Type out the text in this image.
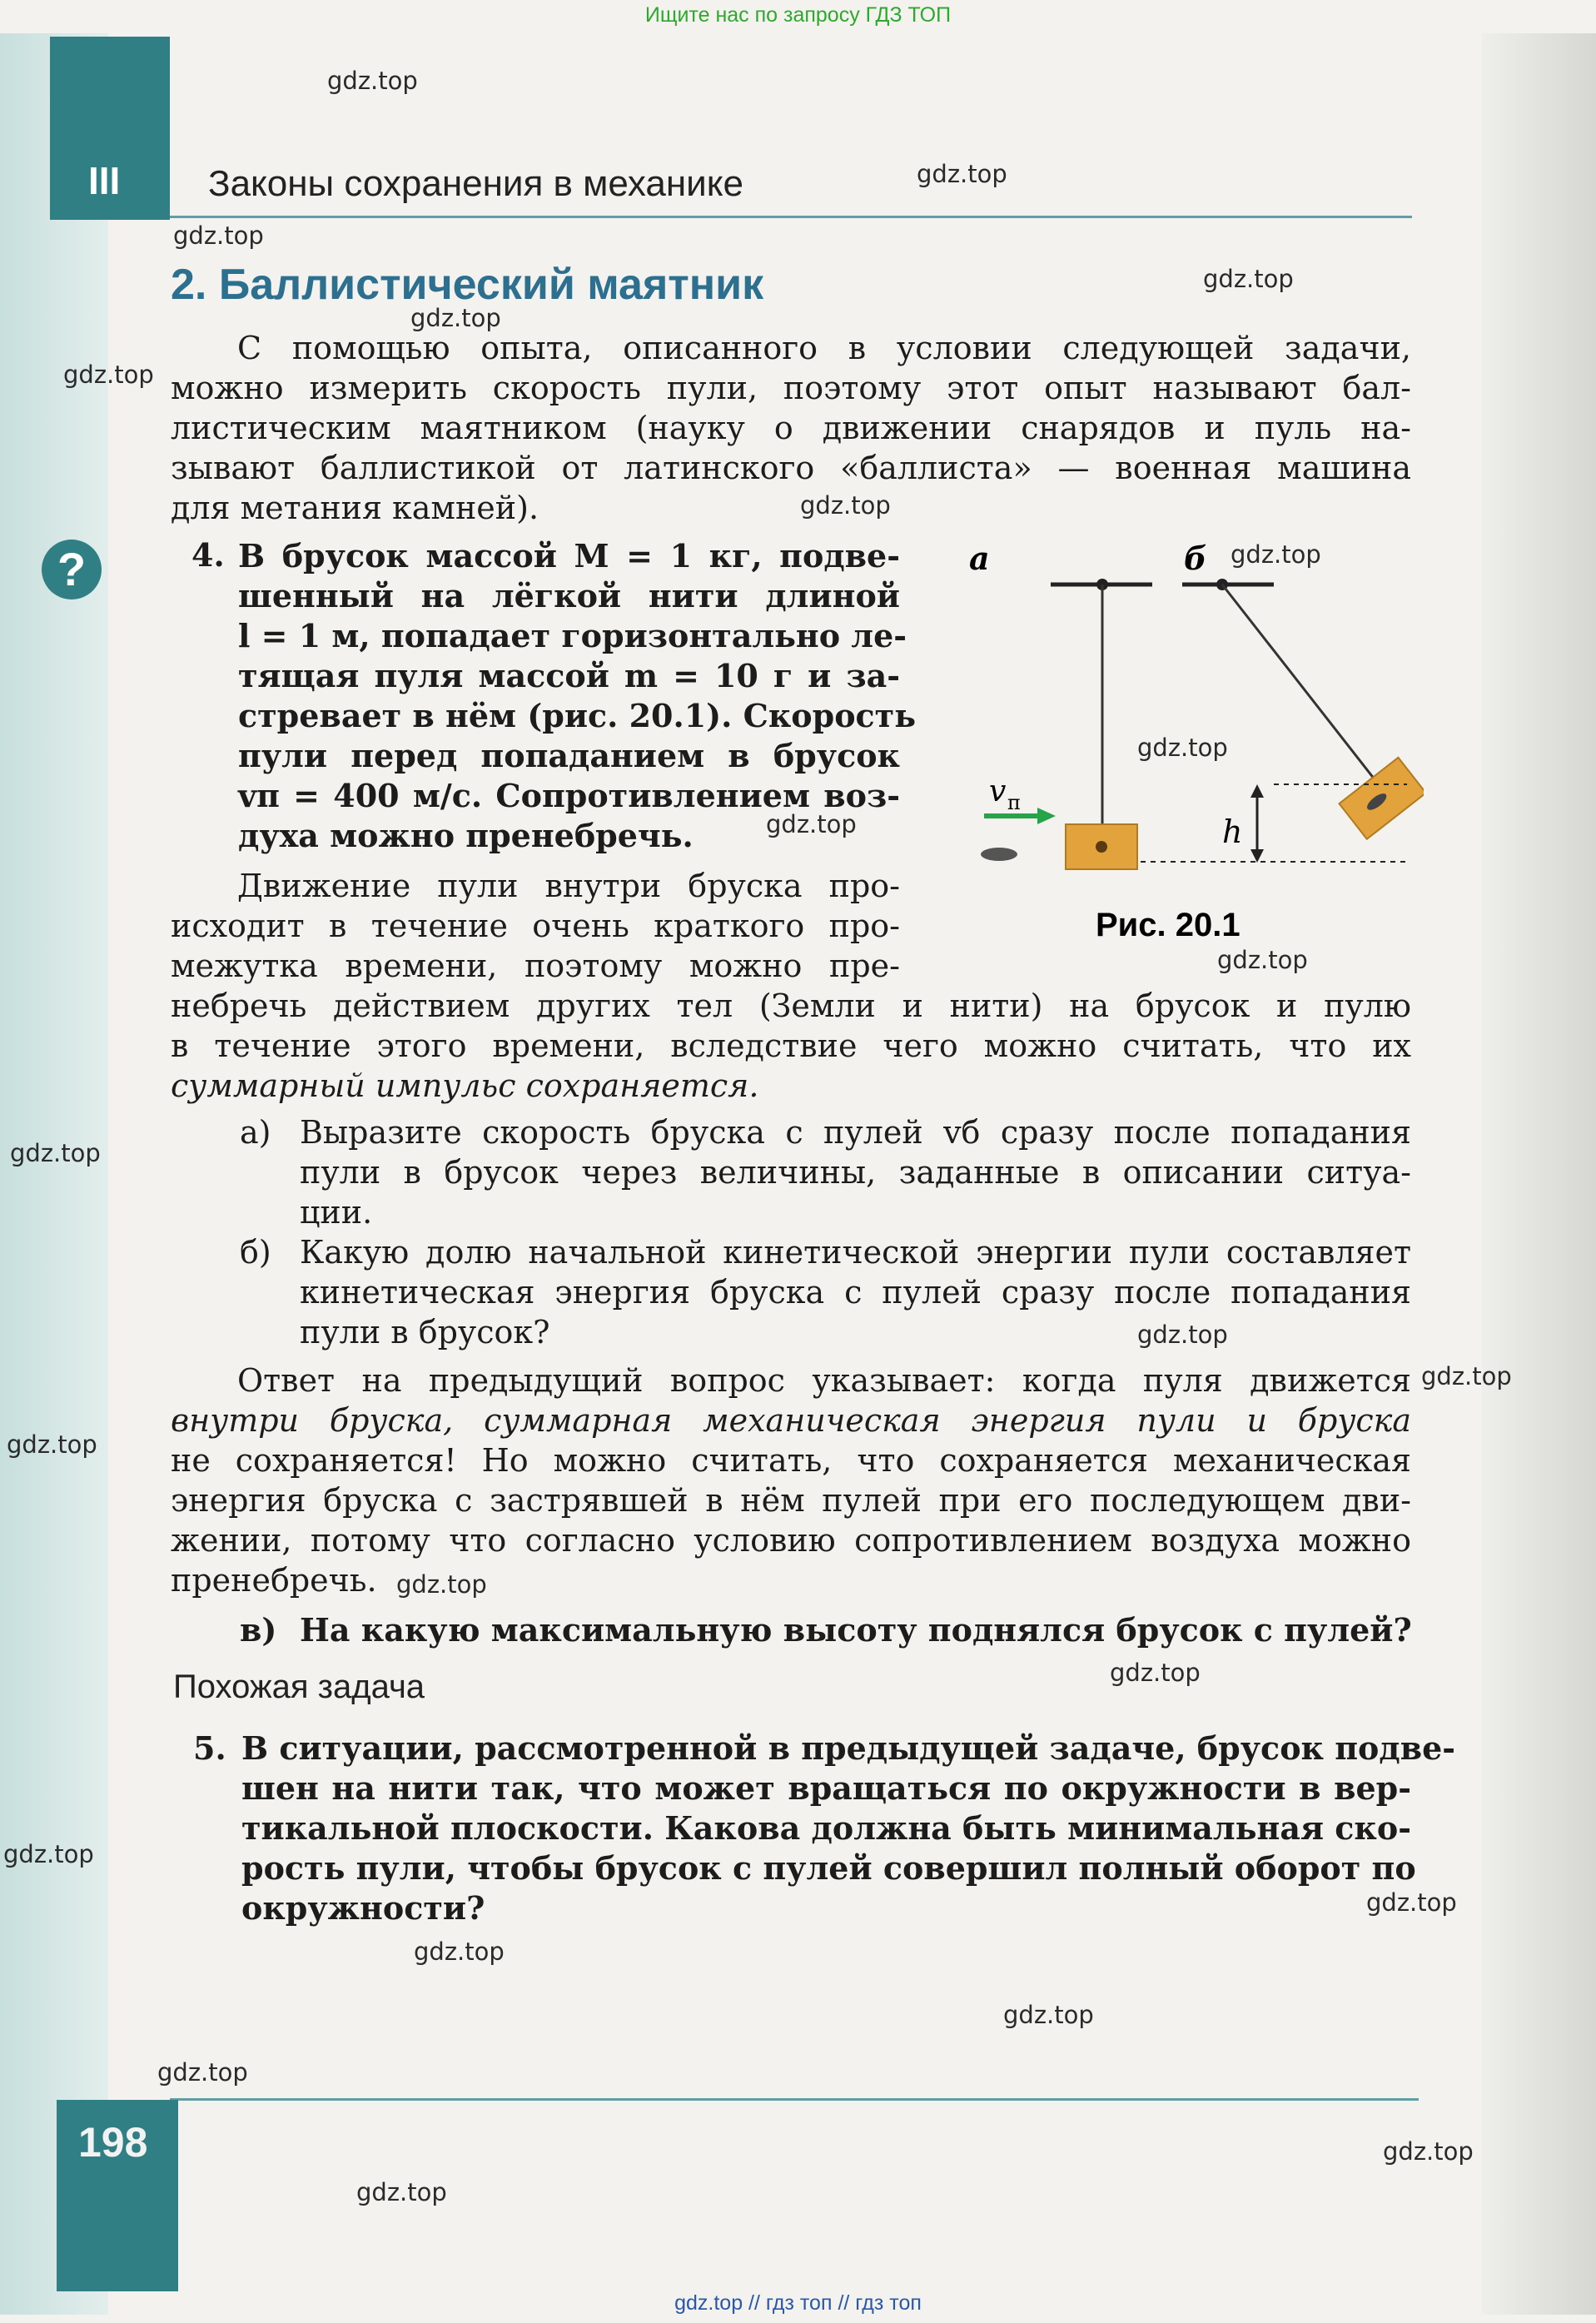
Ищите нас по запросу ГДЗ ТОП
III Законы сохранения в механике
2. Баллистический маятник
С помощью опыта, описанного в условии следующей задачи,
можно измерить скорость пули, поэтому этот опыт называют бал-
листическим маятником (науку о движении снарядов и пуль на-
зывают баллистикой от латинского «баллиста» — военная машина
для метания камней).
?	4. В брусок массой M = 1 кг, подве-
шенный на лёгкой нити длиной
l = 1 м, попадает горизонтально ле-
тящая пуля массой m = 10 г и за-
стревает в нём (рис. 20.1). Скорость
пули перед попаданием в брусок
vп = 400 м/с. Сопротивлением воз-
духа можно пренебречь.
Движение пули внутри бруска про-
исходит в течение очень краткого про-
межутка времени, поэтому можно пре-
небречь действием других тел (Земли и нити) на брусок и пулю
в течение этого времени, вследствие чего можно считать, что их
суммарный импульс сохраняется.
а) Выразите скорость бруска с пулей vб сразу после попадания
пули в брусок через величины, заданные в описании ситуа-
ции.
б) Какую долю начальной кинетической энергии пули составляет
кинетическая энергия бруска с пулей сразу после попадания
пули в брусок?
Ответ на предыдущий вопрос указывает: когда пуля движется
внутри бруска, суммарная механическая энергия пули и бруска
не сохраняется! Но можно считать, что сохраняется механическая
энергия бруска с застрявшей в нём пулей при его последующем дви-
жении, потому что согласно условию сопротивлением воздуха можно
пренебречь.
в) На какую максимальную высоту поднялся брусок с пулей?
Похожая задача
5. В ситуации, рассмотренной в предыдущей задаче, брусок подве-
шен на нити так, что может вращаться по окружности в вер-
тикальной плоскости. Какова должна быть минимальная ско-
рость пули, чтобы брусок с пулей совершил полный оборот по
окружности?
а	б
v п
h
Рис. 20.1
198
gdz.top
gdz.top
gdz.top
gdz.top
gdz.top
gdz.top
gdz.top
gdz.top
gdz.top
gdz.top
gdz.top
gdz.top
gdz.top
gdz.top
gdz.top
gdz.top
gdz.top
gdz.top
gdz.top
gdz.top
gdz.top
gdz.top
gdz.top
gdz.top
gdz.top // гдз топ // гдз топ
